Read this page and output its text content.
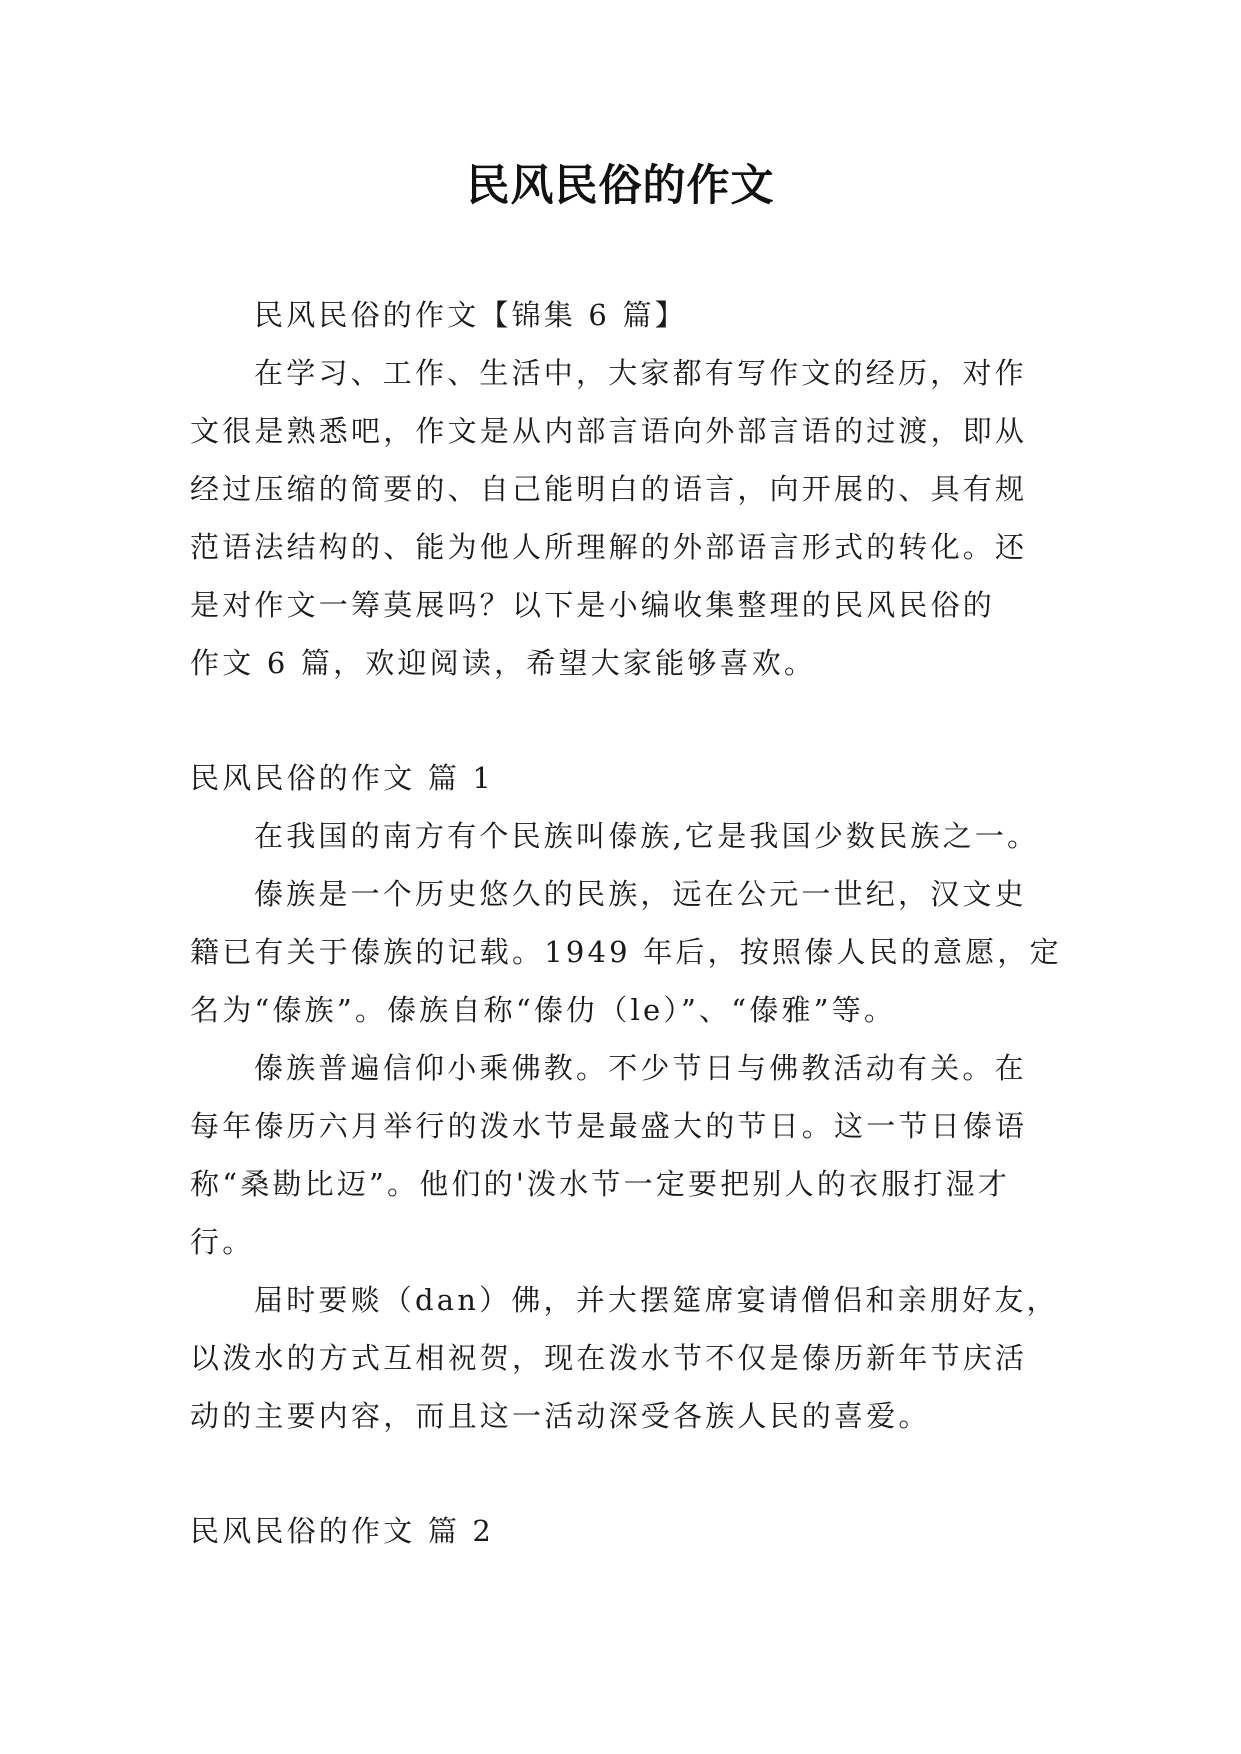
民风民俗的作文
民风民俗的作文【锦集 6 篇】
在学习、工作、生活中，大家都有写作文的经历，对作
文很是熟悉吧，作文是从内部言语向外部言语的过渡，即从
经过压缩的简要的、自己能明白的语言，向开展的、具有规
范语法结构的、能为他人所理解的外部语言形式的转化。还
是对作文一筹莫展吗？以下是小编收集整理的民风民俗的
作文 6 篇，欢迎阅读，希望大家能够喜欢。
民风民俗的作文 篇 1
在我国的南方有个民族叫傣族,它是我国少数民族之一。
傣族是一个历史悠久的民族，远在公元一世纪，汉文史
籍已有关于傣族的记载。1949 年后，按照傣人民的意愿，定
名为“傣族”。傣族自称“傣仂（le）”、“傣雅”等。
傣族普遍信仰小乘佛教。不少节日与佛教活动有关。在
每年傣历六月举行的泼水节是最盛大的节日。这一节日傣语
称“桑勘比迈”。他们的'泼水节一定要把别人的衣服打湿才
行。
届时要赕（dan）佛，并大摆筵席宴请僧侣和亲朋好友，
以泼水的方式互相祝贺，现在泼水节不仅是傣历新年节庆活
动的主要内容，而且这一活动深受各族人民的喜爱。
民风民俗的作文 篇 2
